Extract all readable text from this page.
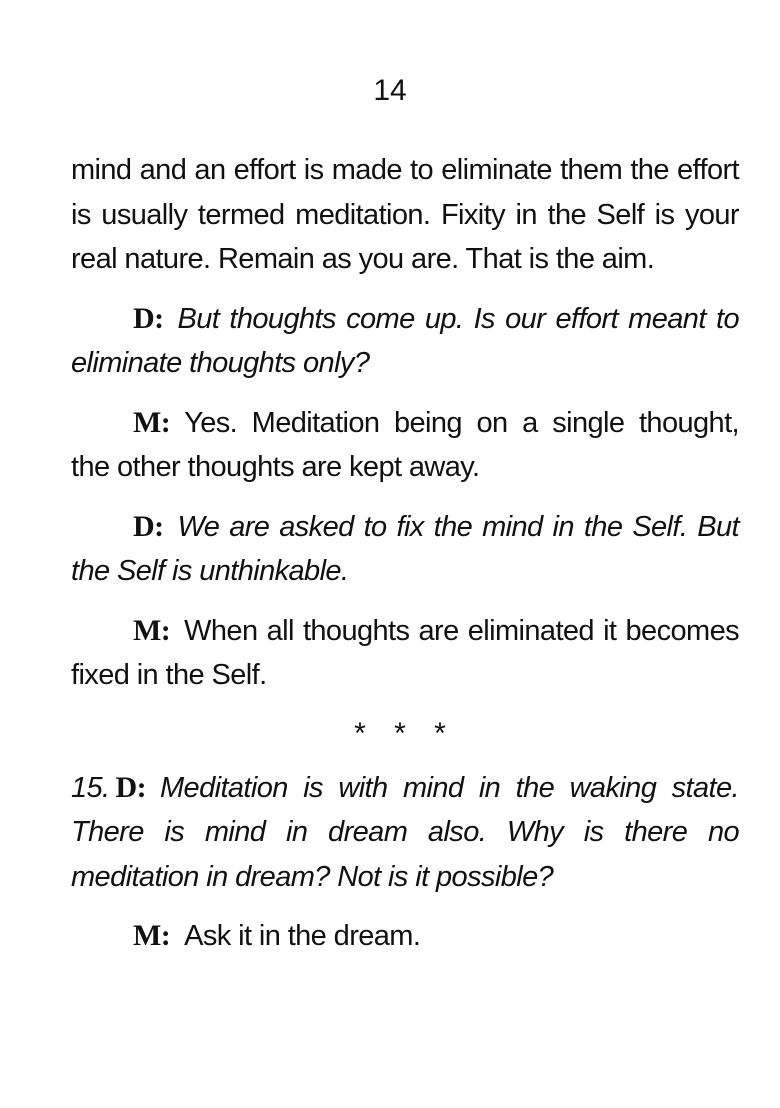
14

mind and an effort is made to eliminate them the effort is usually termed meditation. Fixity in the Self is your real nature. Remain as you are. That is the aim.

D: But thoughts come up. Is our effort meant to eliminate thoughts only?

M: Yes. Meditation being on a single thought, the other thoughts are kept away.

D: We are asked to fix the mind in the Self. But the Self is unthinkable.

M: When all thoughts are eliminated it becomes fixed in the Self.

* * *

15. D: Meditation is with mind in the waking state. There is mind in dream also. Why is there no meditation in dream? Not is it possible?

M: Ask it in the dream.
